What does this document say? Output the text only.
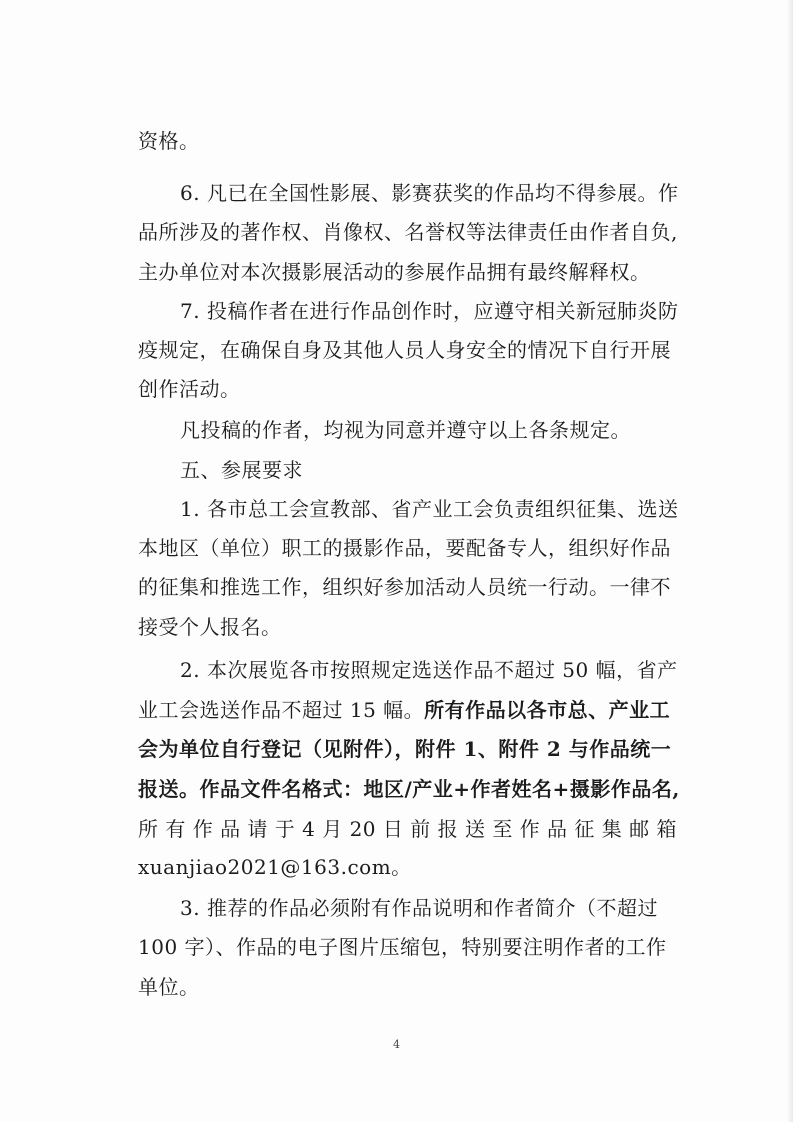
资格。
6. 凡已在全国性影展、影赛获奖的作品均不得参展。作
品所涉及的著作权、肖像权、名誉权等法律责任由作者自负,
主办单位对本次摄影展活动的参展作品拥有最终解释权。
7. 投稿作者在进行作品创作时，应遵守相关新冠肺炎防
疫规定，在确保自身及其他人员人身安全的情况下自行开展
创作活动。
凡投稿的作者，均视为同意并遵守以上各条规定。
五、参展要求
1. 各市总工会宣教部、省产业工会负责组织征集、选送
本地区（单位）职工的摄影作品，要配备专人，组织好作品
的征集和推选工作，组织好参加活动人员统一行动。一律不
接受个人报名。
2. 本次展览各市按照规定选送作品不超过 50 幅，省产
业工会选送作品不超过 15 幅。所有作品以各市总、产业工
会为单位自行登记（见附件），附件 1、附件 2 与作品统一
报送。作品文件名格式：地区/产业+作者姓名+摄影作品名,
所 有 作 品 请 于 4 月 20 日 前 报 送 至 作 品 征 集 邮 箱
xuanjiao2021@163.com。
3. 推荐的作品必须附有作品说明和作者简介（不超过
100 字）、作品的电子图片压缩包，特别要注明作者的工作
单位。
4
